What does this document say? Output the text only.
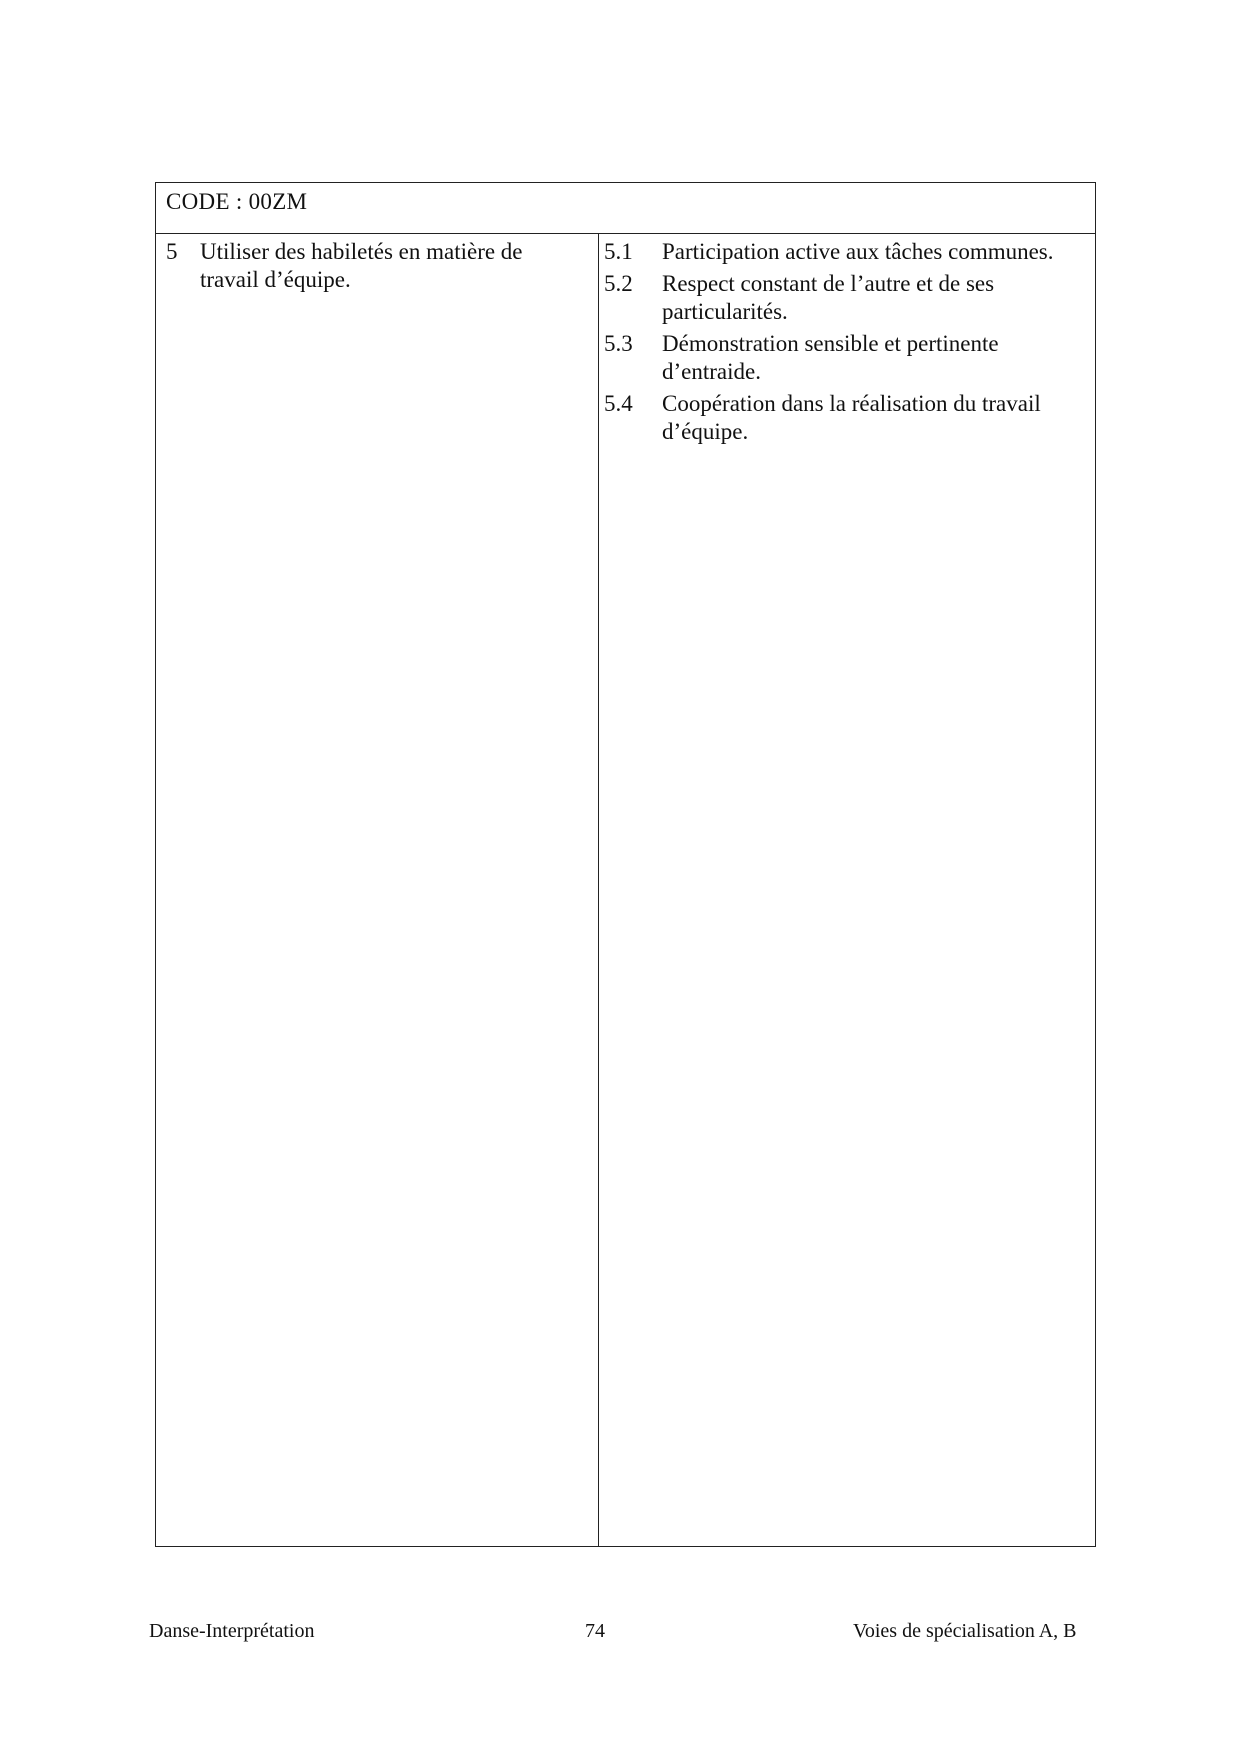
CODE : 00ZM
5 Utiliser des habiletés en matière de travail d’équipe.
5.1	Participation active aux tâches communes.
5.2	Respect constant de l’autre et de ses particularités.
5.3	Démonstration sensible et pertinente d’entraide.
5.4	Coopération dans la réalisation du travail d’équipe.
Danse-Interprétation	74	Voies de spécialisation A, B
